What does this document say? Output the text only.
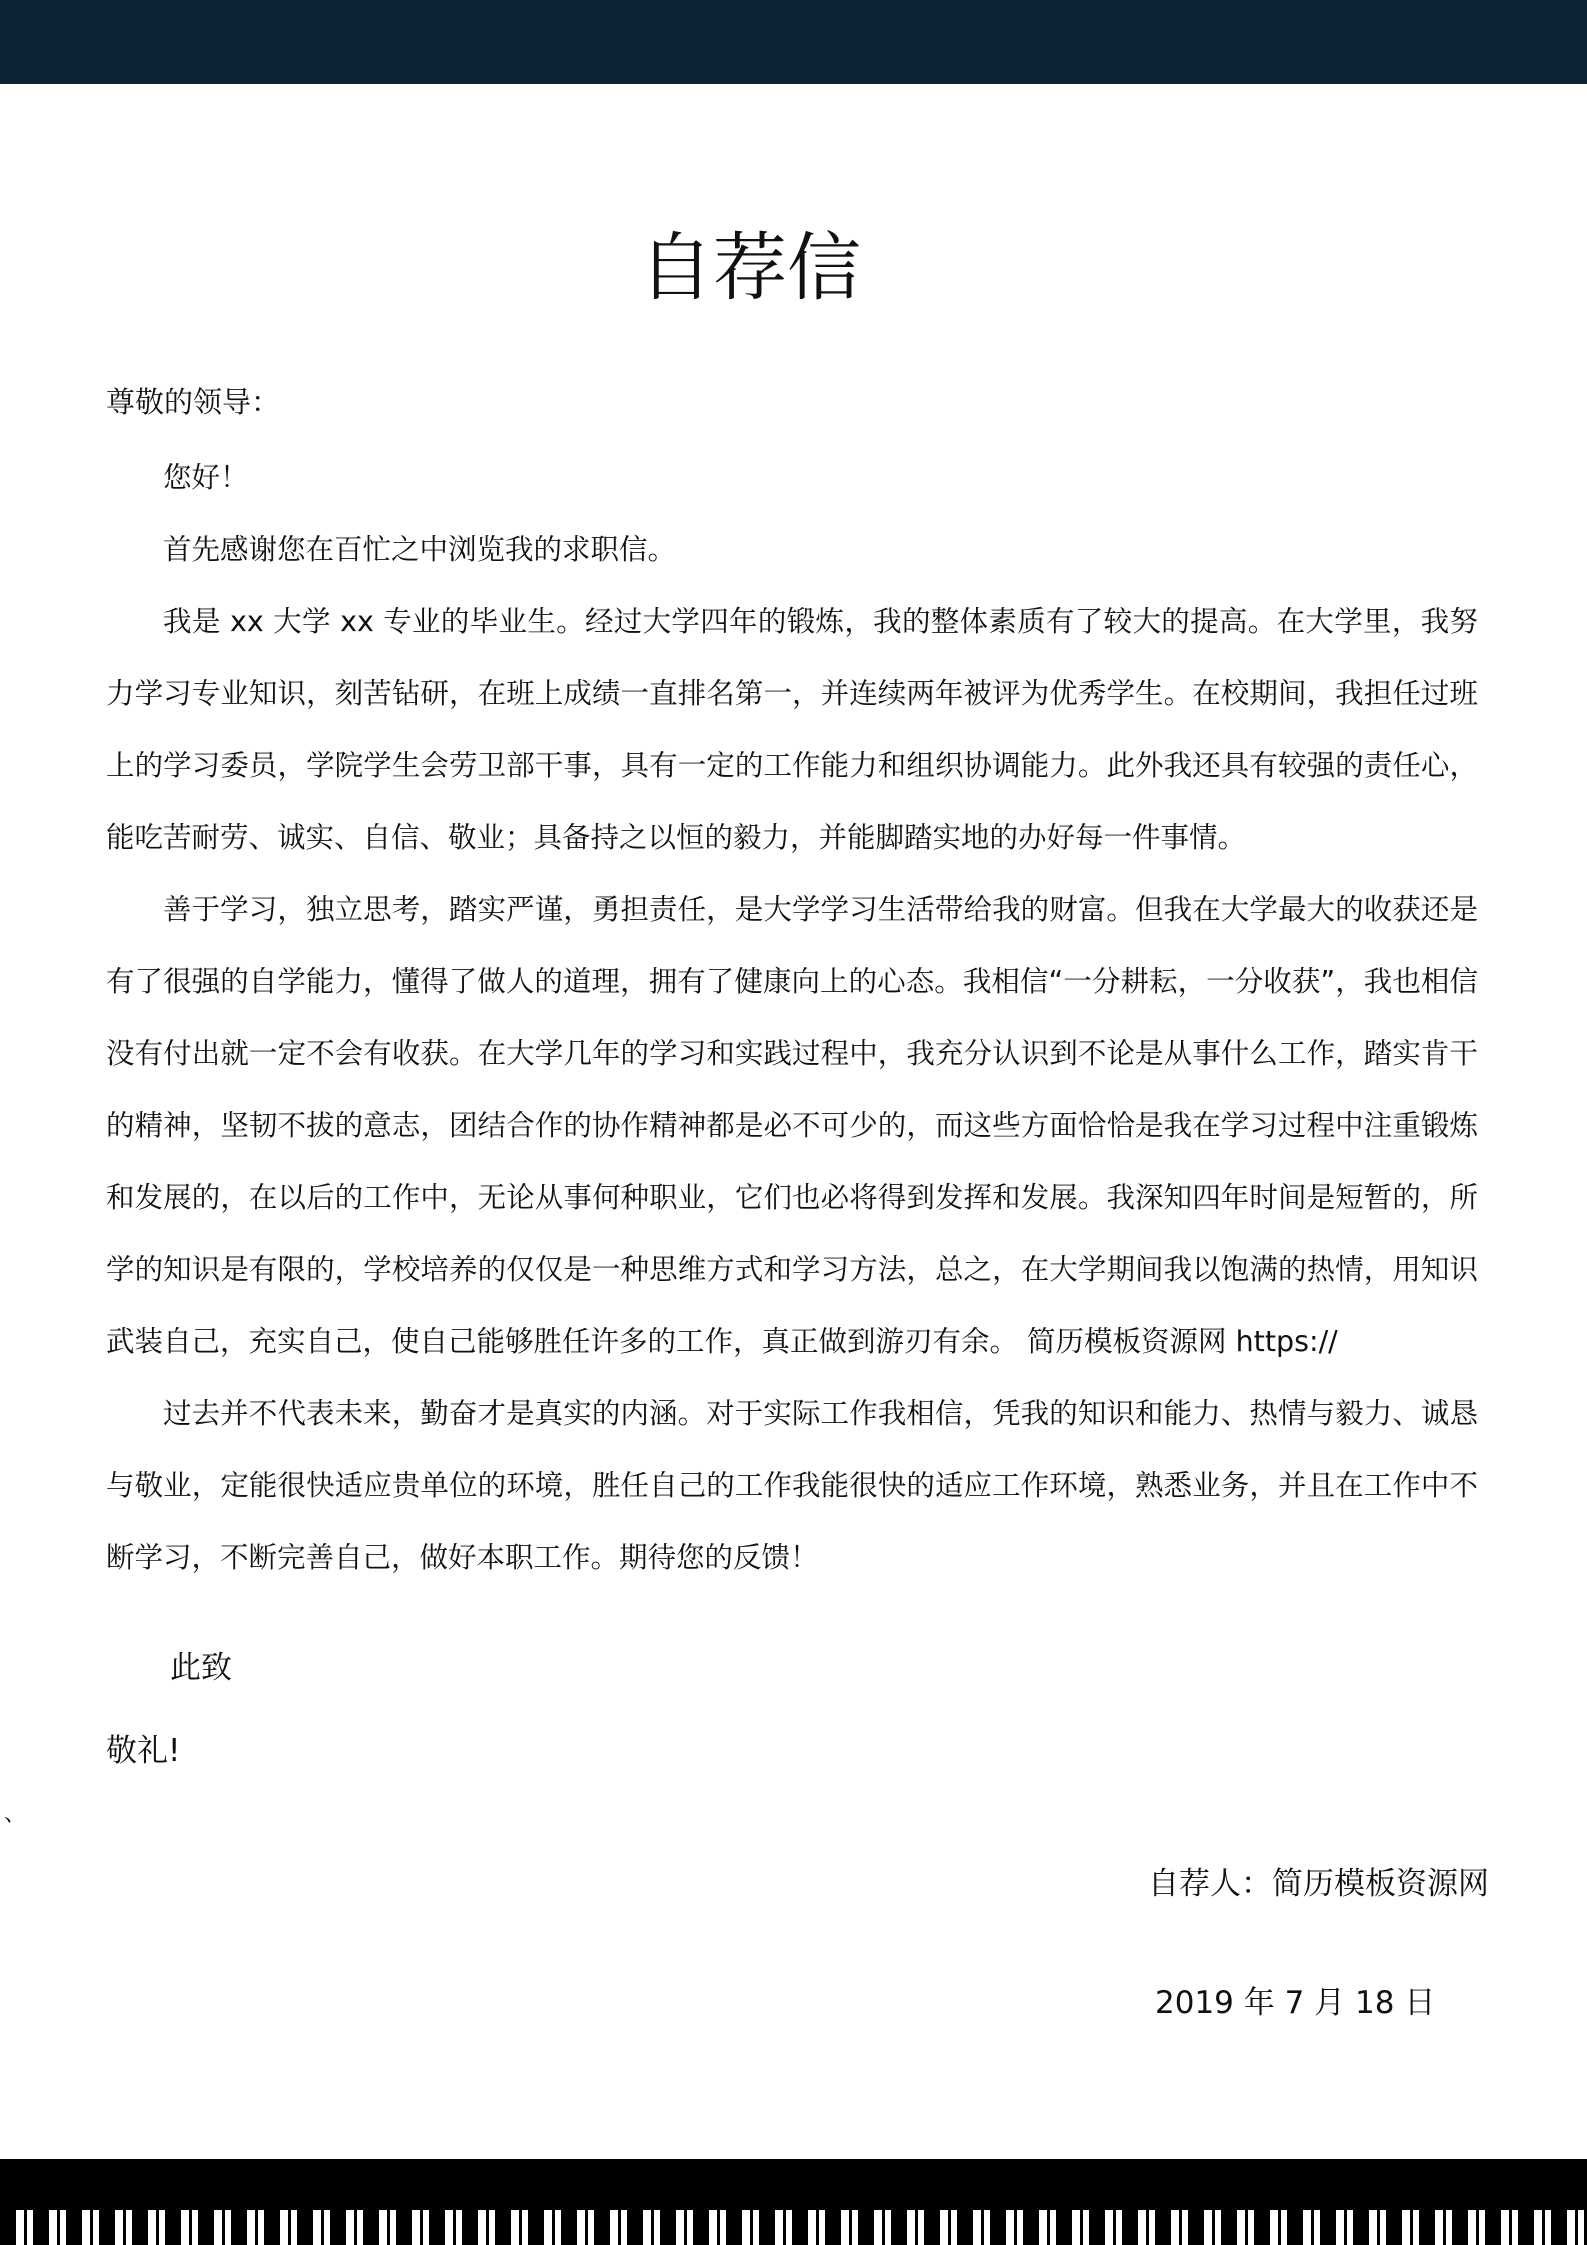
自荐信
尊敬的领导：

您好！

首先感谢您在百忙之中浏览我的求职信。

我是 xx 大学 xx 专业的毕业生。经过大学四年的锻炼，我的整体素质有了较大的提高。在大学里，我努力学习专业知识，刻苦钻研，在班上成绩一直排名第一，并连续两年被评为优秀学生。在校期间，我担任过班上的学习委员，学院学生会劳卫部干事，具有一定的工作能力和组织协调能力。此外我还具有较强的责任心，能吃苦耐劳、诚实、自信、敬业；具备持之以恒的毅力，并能脚踏实地的办好每一件事情。

善于学习，独立思考，踏实严谨，勇担责任，是大学学习生活带给我的财富。但我在大学最大的收获还是有了很强的自学能力，懂得了做人的道理，拥有了健康向上的心态。我相信“一分耕耘，一分收获”，我也相信没有付出就一定不会有收获。在大学几年的学习和实践过程中，我充分认识到不论是从事什么工作，踏实肯干的精神，坚韧不拔的意志，团结合作的协作精神都是必不可少的，而这些方面恰恰是我在学习过程中注重锻炼和发展的，在以后的工作中，无论从事何种职业，它们也必将得到发挥和发展。我深知四年时间是短暂的，所学的知识是有限的，学校培养的仅仅是一种思维方式和学习方法，总之，在大学期间我以饱满的热情，用知识武装自己，充实自己，使自己能够胜任许多的工作，真正做到游刃有余。 简历模板资源网 https://

过去并不代表未来，勤奋才是真实的内涵。对于实际工作我相信，凭我的知识和能力、热情与毅力、诚恳与敬业，定能很快适应贵单位的环境，胜任自己的工作我能很快的适应工作环境，熟悉业务，并且在工作中不断学习，不断完善自己，做好本职工作。期待您的反馈！

此致
敬礼!
、
自荐人：简历模板资源网
2019 年 7 月 18 日
